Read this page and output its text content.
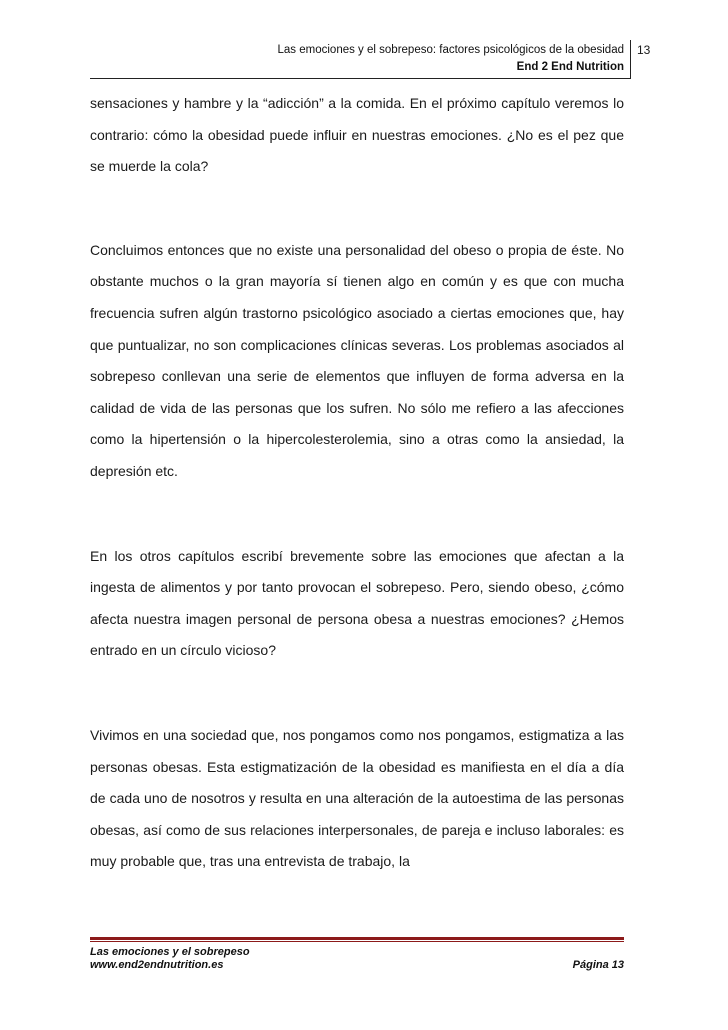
Las emociones y el sobrepeso: factores psicológicos de la obesidad
End 2 End Nutrition
13

sensaciones y hambre y la “adicción” a la comida. En el próximo capítulo veremos lo contrario: cómo la obesidad puede influir en nuestras emociones. ¿No es el pez que se muerde la cola?

Concluimos entonces que no existe una personalidad del obeso o propia de éste. No obstante muchos o la gran mayoría sí tienen algo en común y es que con mucha frecuencia sufren algún trastorno psicológico asociado a ciertas emociones que, hay que puntualizar, no son complicaciones clínicas severas. Los problemas asociados al sobrepeso conllevan una serie de elementos que influyen de forma adversa en la calidad de vida de las personas que los sufren. No sólo me refiero a las afecciones como la hipertensión o la hipercolesterolemia, sino a otras como la ansiedad, la depresión etc.

En los otros capítulos escribí brevemente sobre las emociones que afectan a la ingesta de alimentos y por tanto provocan el sobrepeso. Pero, siendo obeso, ¿cómo afecta nuestra imagen personal de persona obesa a nuestras emociones? ¿Hemos entrado en un círculo vicioso?

Vivimos en una sociedad que, nos pongamos como nos pongamos, estigmatiza a las personas obesas. Esta estigmatización de la obesidad es manifiesta en el día a día de cada uno de nosotros y resulta en una alteración de la autoestima de las personas obesas, así como de sus relaciones interpersonales, de pareja e incluso laborales: es muy probable que, tras una entrevista de trabajo, la

Las emociones y el sobrepeso
www.end2endnutrition.es	Página 13
